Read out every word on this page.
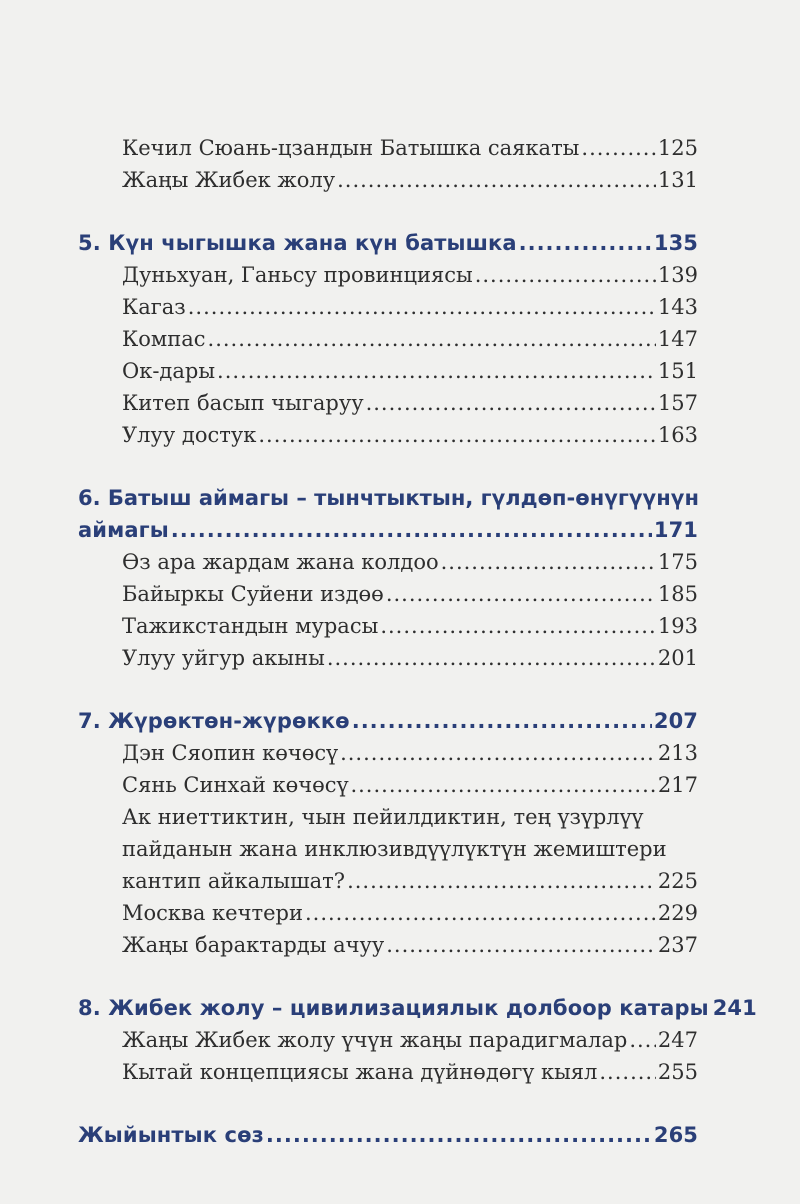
Кечил Сюань-цзандын Батышка саякаты .....	125
Жаңы Жибек жолу .....	131
5. Күн чыгышка жана күн батышка .....	135
Дуньхуан, Ганьсу провинциясы .....	139
Кагаз .....	143
Компас .....	147
Ок-дары .....	151
Китеп басып чыгаруу .....	157
Улуу достук .....	163
6. Батыш аймагы – тынчтыктын, гүлдөп-өнүгүүнүн
аймагы .....	171
Өз ара жардам жана колдоо .....	175
Байыркы Суйени издөө .....	185
Тажикстандын мурасы .....	193
Улуу уйгур акыны .....	201
7. Жүрөктөн-жүрөккө .....	207
Дэн Сяопин көчөсү .....	213
Сянь Синхай көчөсү .....	217
Ак ниеттиктин, чын пейилдиктин, тең үзүрлүү
пайданын жана инклюзивдүүлүктүн жемиштери
кантип айкалышат? .....	225
Москва кечтери .....	229
Жаңы барактарды ачуу .....	237
8. Жибек жолу – цивилизациялык долбоор катары 241
Жаңы Жибек жолу үчүн жаңы парадигмалар ..... 247
Кытай концепциясы жана дүйнөдөгү кыял .....	255
Жыйынтык сөз .....	265
